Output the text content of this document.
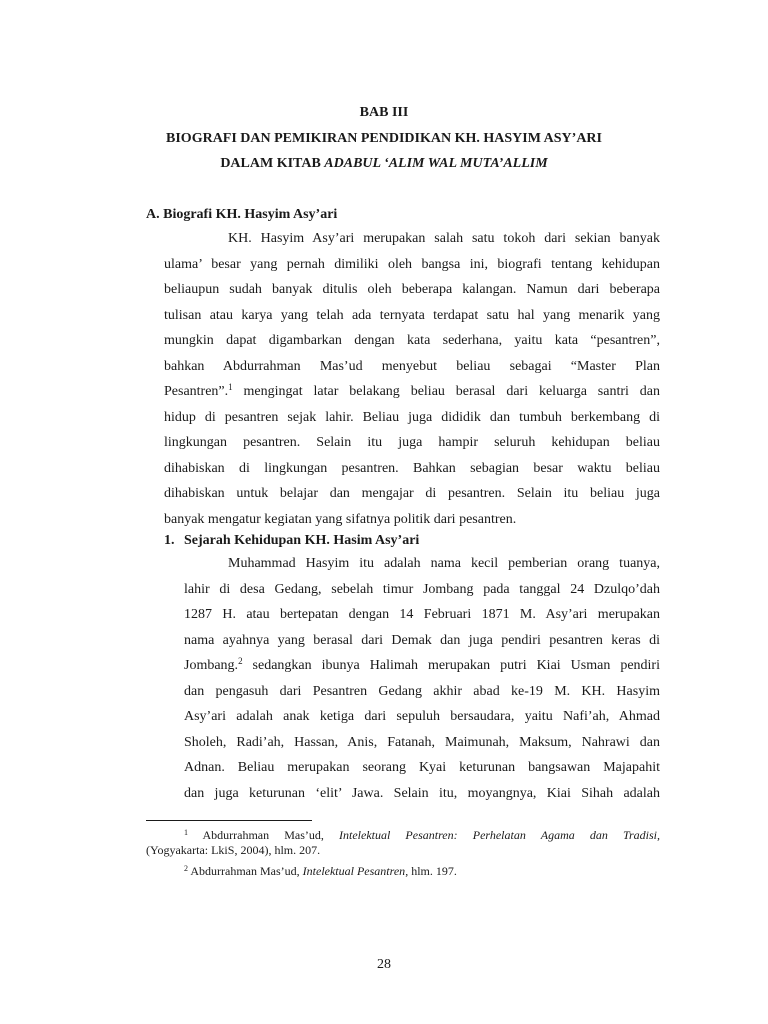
BAB III
BIOGRAFI DAN PEMIKIRAN PENDIDIKAN KH. HASYIM ASY’ARI
DALAM KITAB ADABUL ‘ALIM WAL MUTA’ALLIM
A. Biografi KH. Hasyim Asy’ari
KH. Hasyim Asy’ari merupakan salah satu tokoh dari sekian banyak
ulama’ besar yang pernah dimiliki oleh bangsa ini, biografi tentang kehidupan
beliaupun sudah banyak ditulis oleh beberapa kalangan. Namun dari beberapa
tulisan atau karya yang telah ada ternyata terdapat satu hal yang menarik yang
mungkin dapat digambarkan dengan kata sederhana, yaitu kata “pesantren”,
bahkan Abdurrahman Mas’ud menyebut beliau sebagai “Master Plan
Pesantren”.$^1$ mengingat latar belakang beliau berasal dari keluarga santri dan
hidup di pesantren sejak lahir. Beliau juga dididik dan tumbuh berkembang di
lingkungan pesantren. Selain itu juga hampir seluruh kehidupan beliau
dihabiskan di lingkungan pesantren. Bahkan sebagian besar waktu beliau
dihabiskan untuk belajar dan mengajar di pesantren. Selain itu beliau juga
banyak mengatur kegiatan yang sifatnya politik dari pesantren.
1. Sejarah Kehidupan KH. Hasim Asy’ari
Muhammad Hasyim itu adalah nama kecil pemberian orang tuanya,
lahir di desa Gedang, sebelah timur Jombang pada tanggal 24 Dzulqo’dah
1287 H. atau bertepatan dengan 14 Februari 1871 M. Asy’ari merupakan
nama ayahnya yang berasal dari Demak dan juga pendiri pesantren keras di
Jombang.$^2$ sedangkan ibunya Halimah merupakan putri Kiai Usman pendiri
dan pengasuh dari Pesantren Gedang akhir abad ke-19 M. KH. Hasyim
Asy’ari adalah anak ketiga dari sepuluh bersaudara, yaitu Nafi’ah, Ahmad
Sholeh, Radi’ah, Hassan, Anis, Fatanah, Maimunah, Maksum, Nahrawi dan
Adnan. Beliau merupakan seorang Kyai keturunan bangsawan Majapahit
dan juga keturunan ‘elit’ Jawa. Selain itu, moyangnya, Kiai Sihah adalah
$^1$ Abdurrahman Mas’ud, Intelektual Pesantren: Perhelatan Agama dan Tradisi,
(Yogyakarta: LkiS, 2004), hlm. 207.
$^2$ Abdurrahman Mas’ud, Intelektual Pesantren, hlm. 197.
28
